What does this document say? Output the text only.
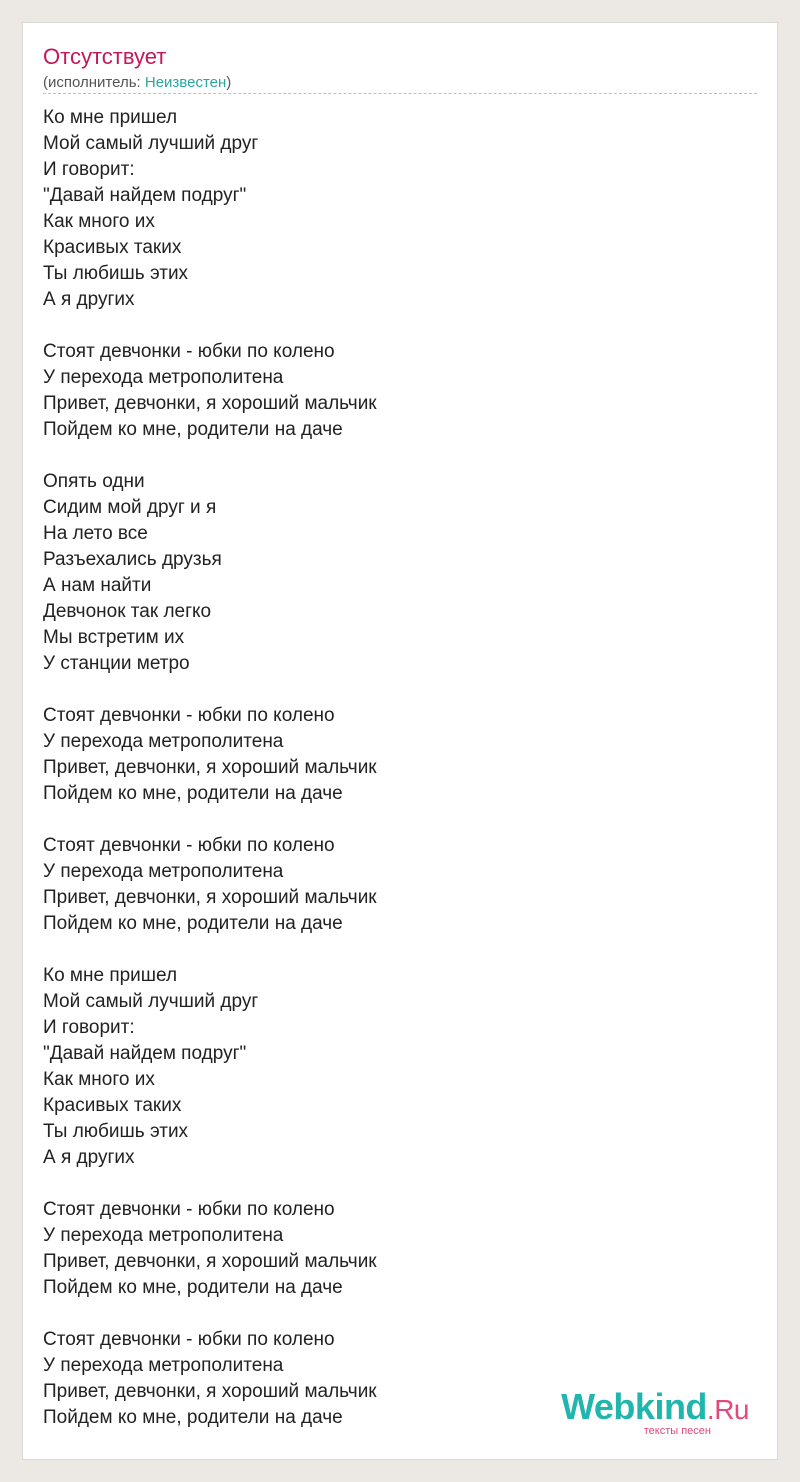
Отсутствует
(исполнитель: Неизвестен)
Ко мне пришел
Мой самый лучший друг
И говорит:
"Давай найдем подруг"
Как много их
Красивых таких
Ты любишь этих
А я других
Стоят девчонки - юбки по колено
У перехода метрополитена
Привет, девчонки, я хороший мальчик
Пойдем ко мне, родители на даче
Опять одни
Сидим мой друг и я
На лето все
Разъехались друзья
А нам найти
Девчонок так легко
Мы встретим их
У станции метро
Стоят девчонки - юбки по колено
У перехода метрополитена
Привет, девчонки, я хороший мальчик
Пойдем ко мне, родители на даче
Стоят девчонки - юбки по колено
У перехода метрополитена
Привет, девчонки, я хороший мальчик
Пойдем ко мне, родители на даче
Ко мне пришел
Мой самый лучший друг
И говорит:
"Давай найдем подруг"
Как много их
Красивых таких
Ты любишь этих
А я других
Стоят девчонки - юбки по колено
У перехода метрополитена
Привет, девчонки, я хороший мальчик
Пойдем ко мне, родители на даче
Стоят девчонки - юбки по колено
У перехода метрополитена
Привет, девчонки, я хороший мальчик
Пойдем ко мне, родители на даче	Webkind.Ru
тексты песен
